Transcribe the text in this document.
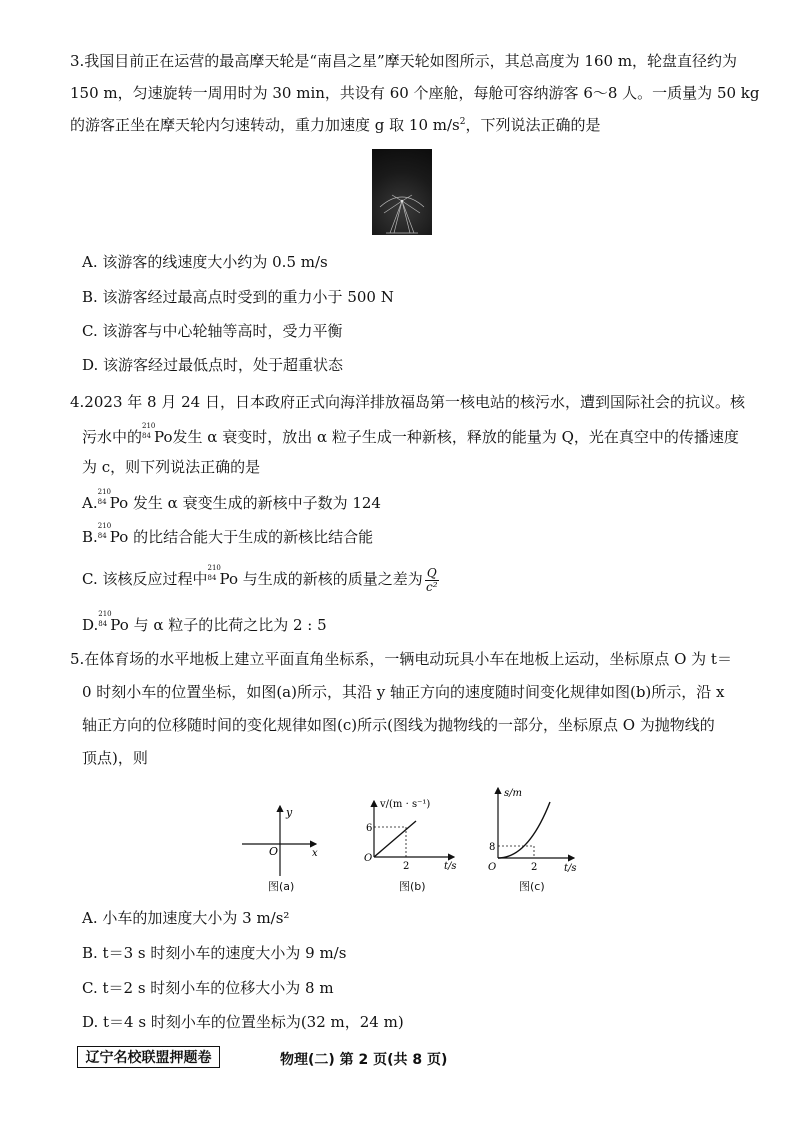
3.我国目前正在运营的最高摩天轮是“南昌之星”摩天轮如图所示，其总高度为 160 m，轮盘直径约为
150 m，匀速旋转一周用时为 30 min，共设有 60 个座舱，每舱可容纳游客 6～8 人。一质量为 50 kg
的游客正坐在摩天轮内匀速转动，重力加速度 g 取 10 $m/s^2$，下列说法正确的是
A. 该游客的线速度大小约为 0.5 m/s
B. 该游客经过最高点时受到的重力小于 500 N
C. 该游客与中心轮轴等高时，受力平衡
D. 该游客经过最低点时，处于超重状态
4.2023 年 8 月 24 日，日本政府正式向海洋排放福岛第一核电站的核污水，遭到国际社会的抗议。核
污水中的
210
84 Po发生 α 衰变时，放出 α 粒子生成一种新核，释放的能量为 Q，光在真空中的传播速度
为 c，则下列说法正确的是
A.
210
84 Po 发生 α 衰变生成的新核中子数为 124
B.
210
84 Po 的比结合能大于生成的新核比结合能
C. 该核反应过程中
210
84 Po 与生成的新核的质量之差为 $\frac{Q}{\text{c²}}$
D.
210
84 Po 与 α 粒子的比荷之比为 2 : 5
5.在体育场的水平地板上建立平面直角坐标系，一辆电动玩具小车在地板上运动，坐标原点 O 为 t＝
0 时刻小车的位置坐标，如图(a)所示，其沿 y 轴正方向的速度随时间变化规律如图(b)所示，沿 x
轴正方向的位移随时间的变化规律如图(c)所示(图线为抛物线的一部分，坐标原点 O 为抛物线的
顶点)，则
y
x
O
图(a)
v/(m · s⁻¹)
6
2	t/s
O
图(b)
s/m
8
2	t/s
O
图(c)
A. 小车的加速度大小为 3 m/s²
B. t＝3 s 时刻小车的速度大小为 9 m/s
C. t＝2 s 时刻小车的位移大小为 8 m
D. t＝4 s 时刻小车的位置坐标为(32 m，24 m)
辽宁名校联盟押题卷	物理(二) 第 2 页(共 8 页)
